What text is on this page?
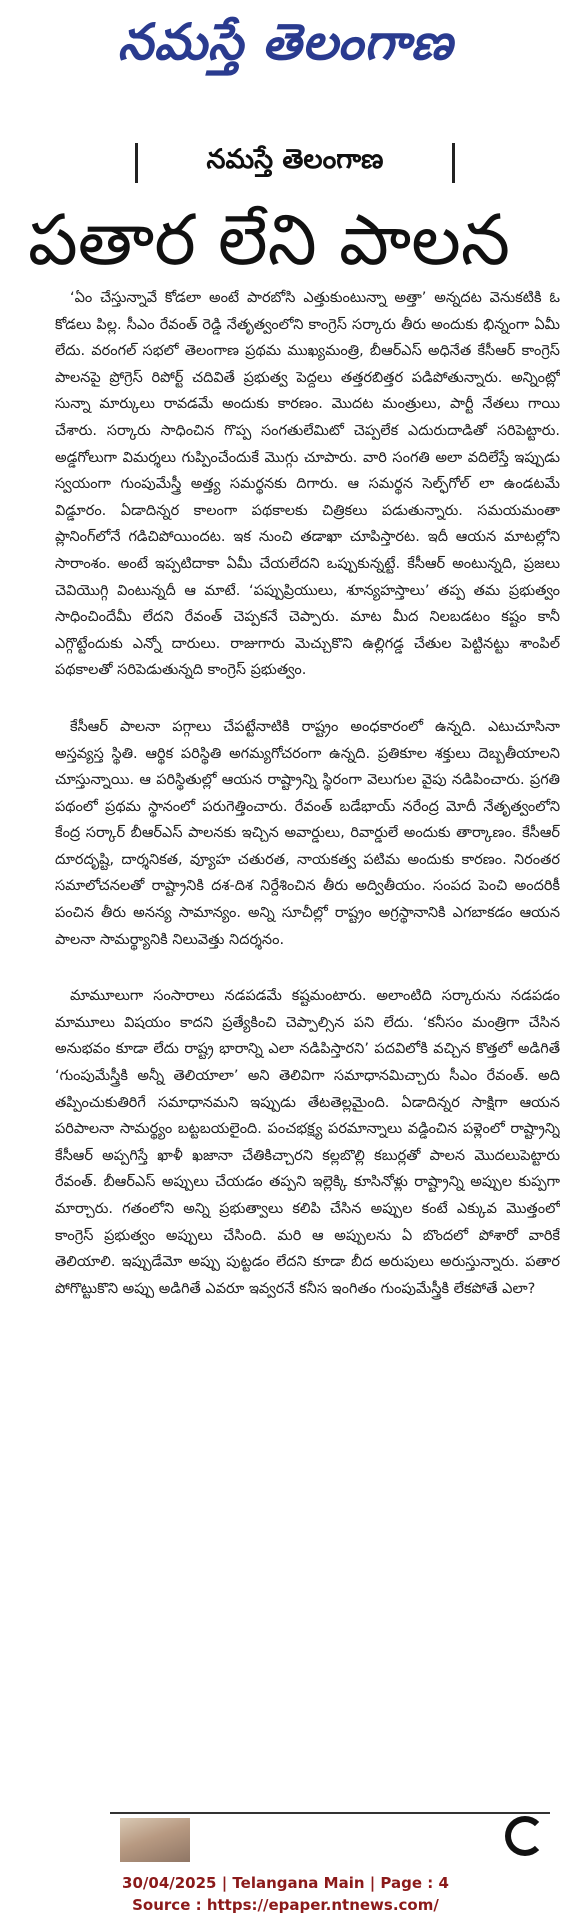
నమస్తే తెలంగాణ
నమస్తే తెలంగాణ
పతార లేని పాలన

‘ఏం చేస్తున్నావే కోడలా అంటే పారబోసి ఎత్తుకుంటున్నా అత్తా’ అన్నదట వెనుకటికి ఓ కోడలు పిల్ల. సీఎం రేవంత్ రెడ్డి నేతృత్వంలోని కాంగ్రెస్ సర్కారు తీరు అందుకు భిన్నంగా ఏమీ లేదు. వరంగల్ సభలో తెలంగాణ ప్రథమ ముఖ్యమంత్రి, బీఆర్ఎస్ అధినేత కేసీఆర్ కాంగ్రెస్ పాలనపై ప్రోగ్రెస్ రిపోర్ట్ చదివితే ప్రభుత్వ పెద్దలు తత్తరబిత్తర పడిపోతున్నారు. అన్నింట్లో సున్నా మార్కులు రావడమే అందుకు కారణం. మొదట మంత్రులు, పార్టీ నేతలు గాయి చేశారు. సర్కారు సాధించిన గొప్ప సంగతులేమిటో చెప్పలేక ఎదురుదాడితో సరిపెట్టారు. అడ్డగోలుగా విమర్శలు గుప్పించేందుకే మొగ్గు చూపారు. వారి సంగతి అలా వదిలేస్తే ఇప్పుడు స్వయంగా గుంపుమేస్త్రీ అత్త్య సమర్థనకు దిగారు. ఆ సమర్థన సెల్ఫ్‌గోల్ లా ఉండటమే విడ్డూరం. ఏడాదిన్నర కాలంగా పథకాలకు చిత్రికలు పడుతున్నారు. సమయమంతా ప్లానింగ్‌లోనే గడిచిపోయిందట. ఇక నుంచి తడాఖా చూపిస్తారట. ఇదీ ఆయన మాటల్లోని సారాంశం. అంటే ఇప్పటిదాకా ఏమీ చేయలేదని ఒప్పుకున్నట్టే. కేసీఆర్ అంటున్నది, ప్రజలు చెవియొగ్గి వింటున్నదీ ఆ మాటే. ‘పప్పుప్రియులు, శూన్యహస్తాలు’ తప్ప తమ ప్రభుత్వం సాధించిందేమీ లేదని రేవంత్ చెప్పకనే చెప్పారు. మాట మీద నిలబడటం కష్టం కానీ ఎగ్గొట్టేందుకు ఎన్నో దారులు. రాజుగారు మెచ్చుకొని ఉల్లిగడ్డ చేతుల పెట్టినట్టు శాంపిల్ పథకాలతో సరిపెడుతున్నది కాంగ్రెస్ ప్రభుత్వం.

కేసీఆర్ పాలనా పగ్గాలు చేపట్టేనాటికి రాష్ట్రం అంధకారంలో ఉన్నది. ఎటుచూసినా అస్తవ్యస్త స్థితి. ఆర్థిక పరిస్థితి అగమ్యగోచరంగా ఉన్నది. ప్రతికూల శక్తులు దెబ్బతీయాలని చూస్తున్నాయి. ఆ పరిస్థితుల్లో ఆయన రాష్ట్రాన్ని స్థిరంగా వెలుగుల వైపు నడిపించారు. ప్రగతి పథంలో ప్రథమ స్థానంలో పరుగెత్తించారు. రేవంత్ బడేభాయ్ నరేంద్ర మోదీ నేతృత్వంలోని కేంద్ర సర్కార్ బీఆర్ఎస్ పాలనకు ఇచ్చిన అవార్డులు, రివార్డులే అందుకు తార్కాణం. కేసీఆర్ దూరదృష్టి, దార్శనికత, వ్యూహ చతురత, నాయకత్వ పటిమ అందుకు కారణం. నిరంతర సమాలోచనలతో రాష్ట్రానికి దశ-దిశ నిర్దేశించిన తీరు అద్వితీయం. సంపద పెంచి అందరికీ పంచిన తీరు అనన్య సామాన్యం. అన్ని సూచీల్లో రాష్ట్రం అగ్రస్థానానికి ఎగబాకడం ఆయన పాలనా సామర్థ్యానికి నిలువెత్తు నిదర్శనం.

మామూలుగా సంసారాలు నడపడమే కష్టమంటారు. అలాంటిది సర్కారును నడపడం మామూలు విషయం కాదని ప్రత్యేకించి చెప్పాల్సిన పని లేదు. ‘కనీసం మంత్రిగా చేసిన అనుభవం కూడా లేదు రాష్ట్ర భారాన్ని ఎలా నడిపిస్తారని’ పదవిలోకి వచ్చిన కొత్తలో అడిగితే ‘గుంపుమేస్త్రీకి అన్నీ తెలియాలా’ అని తెలివిగా సమాధానమిచ్చారు సీఎం రేవంత్. అది తప్పించుకుతిరిగే సమాధానమని ఇప్పుడు తేటతెల్లమైంది. ఏడాదిన్నర సాక్షిగా ఆయన పరిపాలనా సామర్థ్యం బట్టబయలైంది. పంచభక్ష్య పరమాన్నాలు వడ్డించిన పళ్లెంలో రాష్ట్రాన్ని కేసీఆర్ అప్పగిస్తే ఖాళీ ఖజానా చేతికిచ్చారని కల్లబొల్లి కబుర్లతో పాలన మొదలుపెట్టారు రేవంత్. బీఆర్ఎస్ అప్పులు చేయడం తప్పని ఇల్లెక్కి కూసినోళ్లు రాష్ట్రాన్ని అప్పుల కుప్పగా మార్చారు. గతంలోని అన్ని ప్రభుత్వాలు కలిపి చేసిన అప్పుల కంటే ఎక్కువ మొత్తంలో కాంగ్రెస్ ప్రభుత్వం అప్పులు చేసింది. మరి ఆ అప్పులను ఏ బొందలో పోశారో వారికే తెలియాలి. ఇప్పుడేమో అప్పు పుట్టడం లేదని కూడా బీద అరుపులు అరుస్తున్నారు. పతార పోగొట్టుకొని అప్పు అడిగితే ఎవరూ ఇవ్వరనే కనీస ఇంగితం గుంపుమేస్త్రీకి లేకపోతే ఎలా?

30/04/2025 | Telangana Main | Page : 4
Source : https://epaper.ntnews.com/
